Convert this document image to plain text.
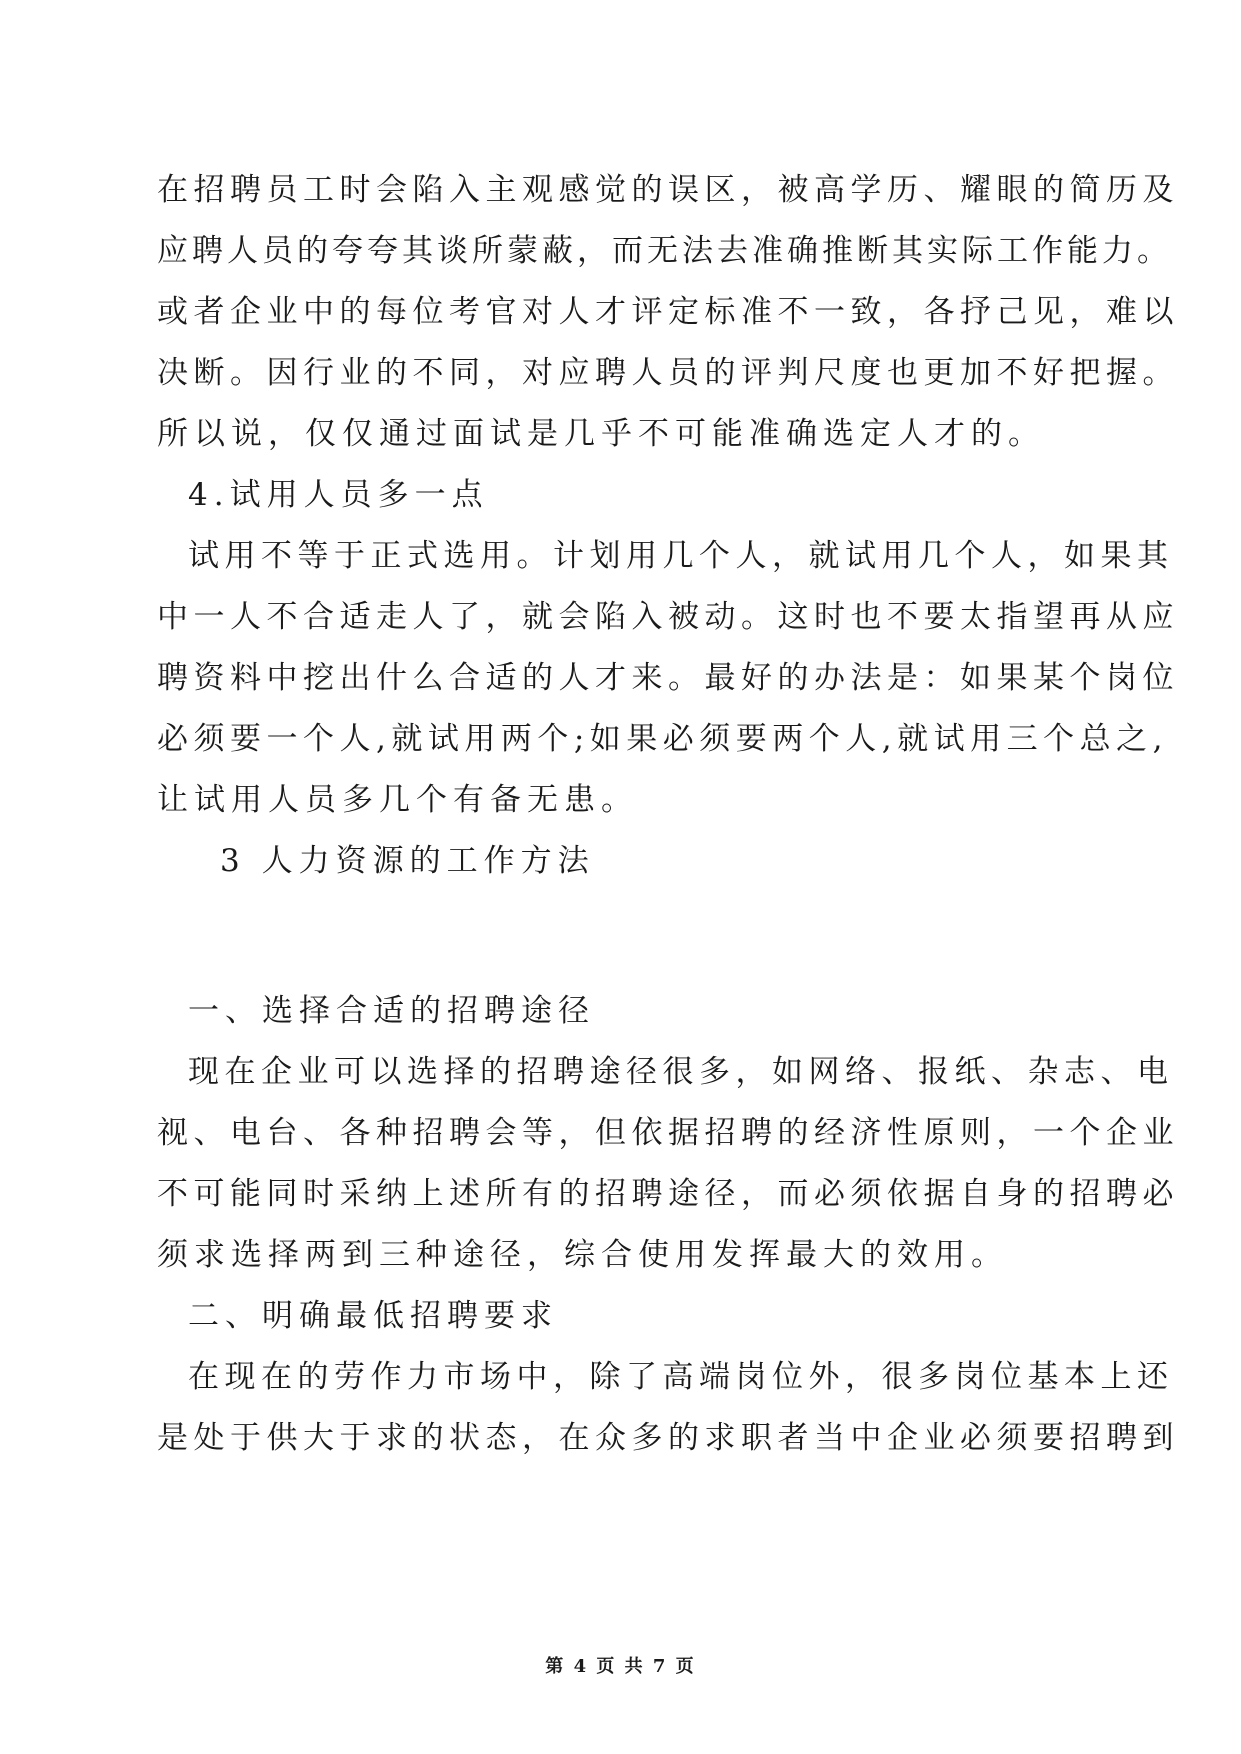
在招聘员工时会陷入主观感觉的误区，被高学历、耀眼的简历及
应聘人员的夸夸其谈所蒙蔽，而无法去准确推断其实际工作能力。
或者企业中的每位考官对人才评定标准不一致，各抒己见，难以
决断。因行业的不同，对应聘人员的评判尺度也更加不好把握。
所以说，仅仅通过面试是几乎不可能准确选定人才的。
4.试用人员多一点
试用不等于正式选用。计划用几个人，就试用几个人，如果其
中一人不合适走人了，就会陷入被动。这时也不要太指望再从应
聘资料中挖出什么合适的人才来。最好的办法是：如果某个岗位
必须要一个人,就试用两个;如果必须要两个人,就试用三个总之,
让试用人员多几个有备无患。
3 人力资源的工作方法
一、选择合适的招聘途径
现在企业可以选择的招聘途径很多，如网络、报纸、杂志、电
视、电台、各种招聘会等，但依据招聘的经济性原则，一个企业
不可能同时采纳上述所有的招聘途径，而必须依据自身的招聘必
须求选择两到三种途径，综合使用发挥最大的效用。
二、明确最低招聘要求
在现在的劳作力市场中，除了高端岗位外，很多岗位基本上还
是处于供大于求的状态，在众多的求职者当中企业必须要招聘到
第 4 页 共 7 页
